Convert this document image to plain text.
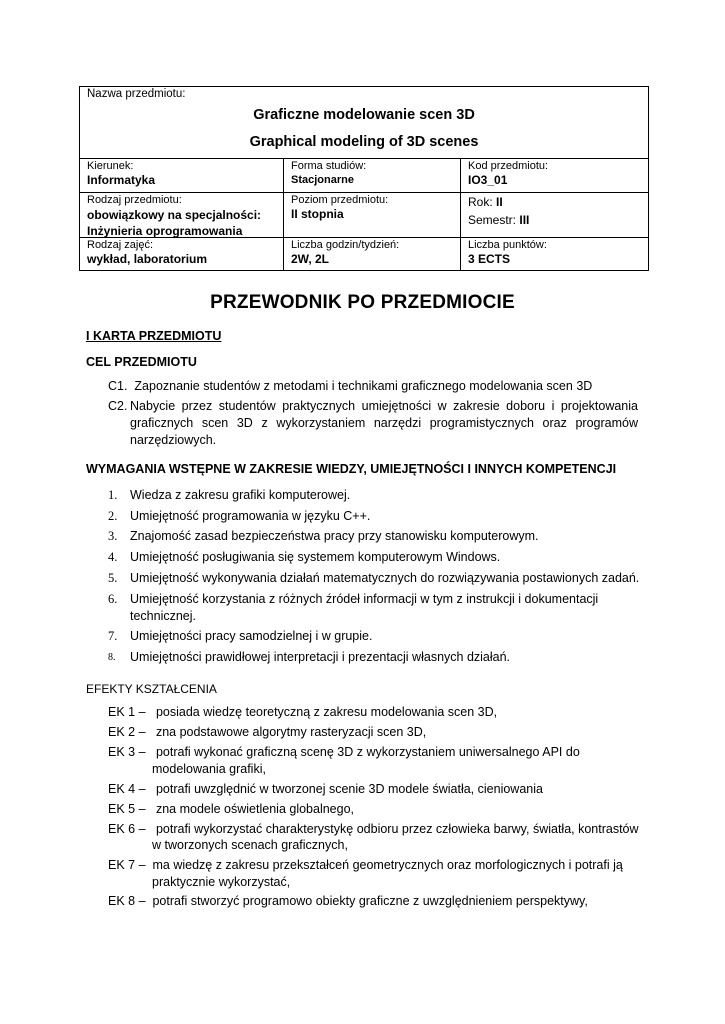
Nazwa przedmiotu:
Graficzne modelowanie scen 3D
Graphical modeling of 3D scenes
Kierunek:
Informatyka
Forma studiów:
Stacjonarne
Kod przedmiotu:
IO3_01
Rodzaj przedmiotu:
obowiązkowy na specjalności:
Inżynieria oprogramowania
Poziom przedmiotu:
II stopnia
Rok: II
Semestr: III
Rodzaj zajęć:
wykład, laboratorium
Liczba godzin/tydzień:
2W, 2L
Liczba punktów:
3 ECTS
PRZEWODNIK PO PRZEDMIOCIE
I KARTA PRZEDMIOTU
CEL PRZEDMIOTU
C1. Zapoznanie studentów z metodami i technikami graficznego modelowania scen 3D
C2. Nabycie przez studentów praktycznych umiejętności w zakresie doboru i projektowania graficznych scen 3D z wykorzystaniem narzędzi programistycznych oraz programów narzędziowych.
WYMAGANIA WSTĘPNE W ZAKRESIE WIEDZY, UMIEJĘTNOŚCI I INNYCH KOMPETENCJI
1. Wiedza z zakresu grafiki komputerowej.
2. Umiejętność programowania w języku C++.
3. Znajomość zasad bezpieczeństwa pracy przy stanowisku komputerowym.
4. Umiejętność posługiwania się systemem komputerowym Windows.
5. Umiejętność wykonywania działań matematycznych do rozwiązywania postawionych zadań.
6. Umiejętność korzystania z różnych źródeł informacji w tym z instrukcji i dokumentacji technicznej.
7. Umiejętności pracy samodzielnej i w grupie.
8. Umiejętności prawidłowej interpretacji i prezentacji własnych działań.
EFEKTY KSZTAŁCENIA
EK 1 – posiada wiedzę teoretyczną z zakresu modelowania scen 3D,
EK 2 – zna podstawowe algorytmy rasteryzacji scen 3D,
EK 3 – potrafi wykonać graficzną scenę 3D z wykorzystaniem uniwersalnego API do
modelowania grafiki,
EK 4 – potrafi uwzględnić w tworzonej scenie 3D modele światła, cieniowania
EK 5 – zna modele oświetlenia globalnego,
EK 6 – potrafi wykorzystać charakterystykę odbioru przez człowieka barwy, światła, kontrastów
w tworzonych scenach graficznych,
EK 7 – ma wiedzę z zakresu przekształceń geometrycznych oraz morfologicznych i potrafi ją
praktycznie wykorzystać,
EK 8 – potrafi stworzyć programowo obiekty graficzne z uwzględnieniem perspektywy,
